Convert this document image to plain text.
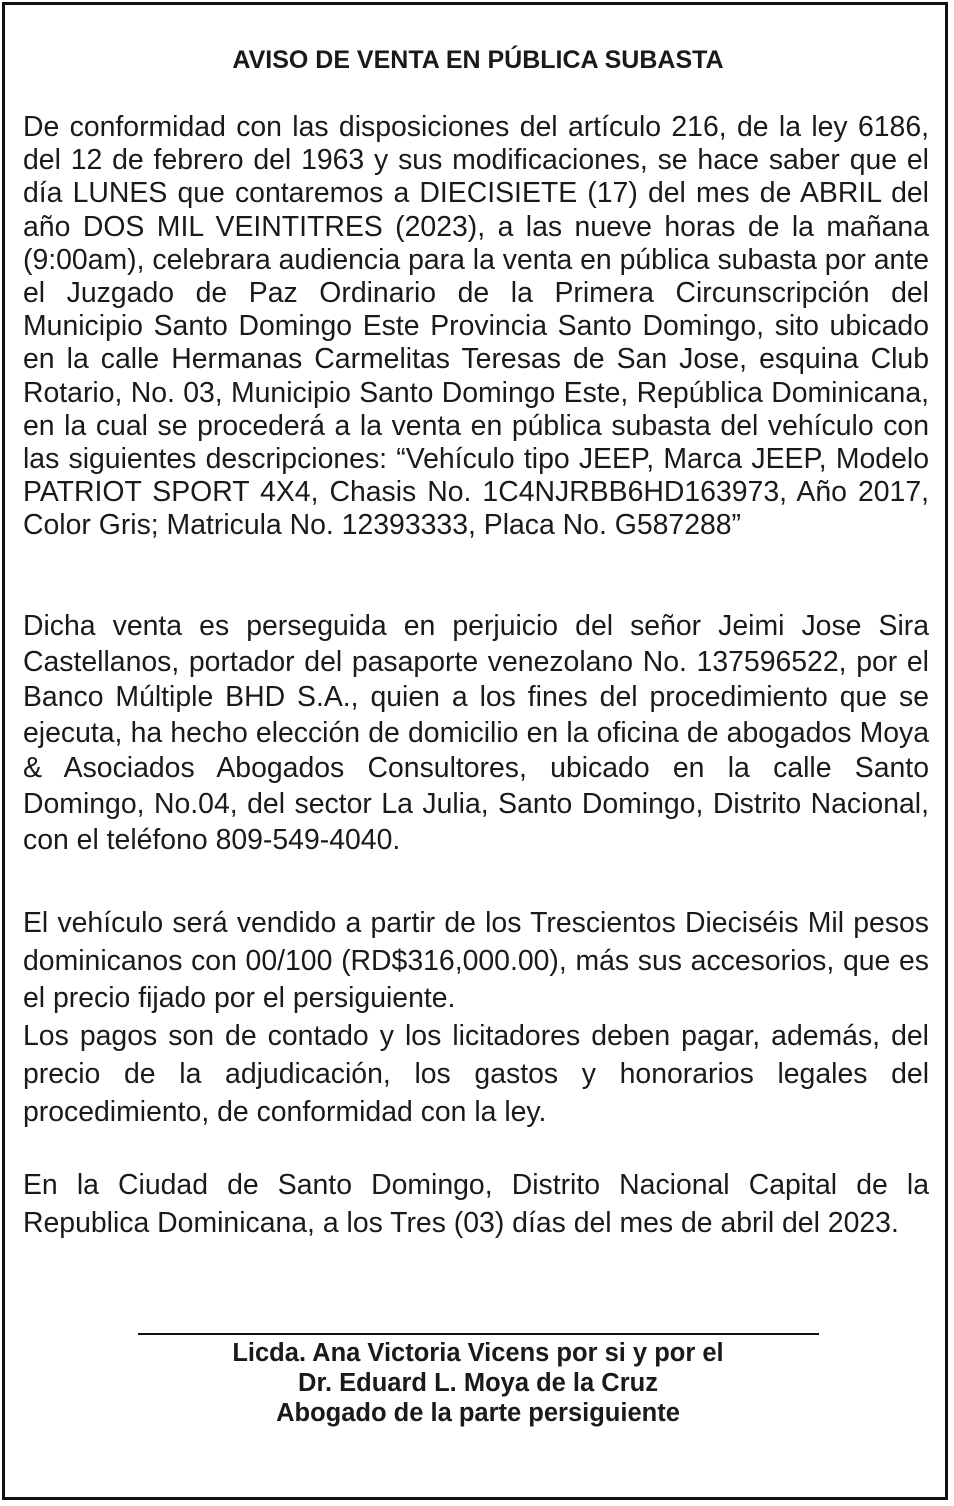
AVISO DE VENTA EN PÚBLICA SUBASTA

De conformidad con las disposiciones del artículo 216, de la ley 6186, del 12 de febrero del 1963 y sus modificaciones, se hace saber que el día LUNES que contaremos a DIECISIETE (17) del mes de ABRIL del año DOS MIL VEINTITRES (2023), a las nueve horas de la mañana (9:00am), celebrara audiencia para la venta en pública subasta por ante el Juzgado de Paz Ordinario de la Primera Circunscripción del Municipio Santo Domingo Este Provincia Santo Domingo, sito ubicado en la calle Hermanas Carmelitas Teresas de San Jose, esquina Club Rotario, No. 03, Municipio Santo Domingo Este, República Dominicana, en la cual se procederá a la venta en pública subasta del vehículo con las siguientes descripciones: “Vehículo tipo JEEP, Marca JEEP, Modelo PATRIOT SPORT 4X4, Chasis No. 1C4NJRBB6HD163973, Año 2017, Color Gris; Matricula No. 12393333, Placa No. G587288”

Dicha venta es perseguida en perjuicio del señor Jeimi Jose Sira Castellanos, portador del pasaporte venezolano No. 137596522, por el Banco Múltiple BHD S.A., quien a los fines del procedimiento que se ejecuta, ha hecho elección de domicilio en la oficina de abogados Moya & Asociados Abogados Consultores, ubicado en la calle Santo Domingo, No.04, del sector La Julia, Santo Domingo, Distrito Nacional, con el teléfono 809-549-4040.

El vehículo será vendido a partir de los Trescientos Dieciséis Mil pesos dominicanos con 00/100 (RD$316,000.00), más sus accesorios, que es el precio fijado por el persiguiente.

Los pagos son de contado y los licitadores deben pagar, además, del precio de la adjudicación, los gastos y honorarios legales del procedimiento, de conformidad con la ley.

En la Ciudad de Santo Domingo, Distrito Nacional Capital de la Republica Dominicana, a los Tres (03) días del mes de abril del 2023.

Licda. Ana Victoria Vicens por si y por el

Dr. Eduard L. Moya de la Cruz

Abogado de la parte persiguiente
